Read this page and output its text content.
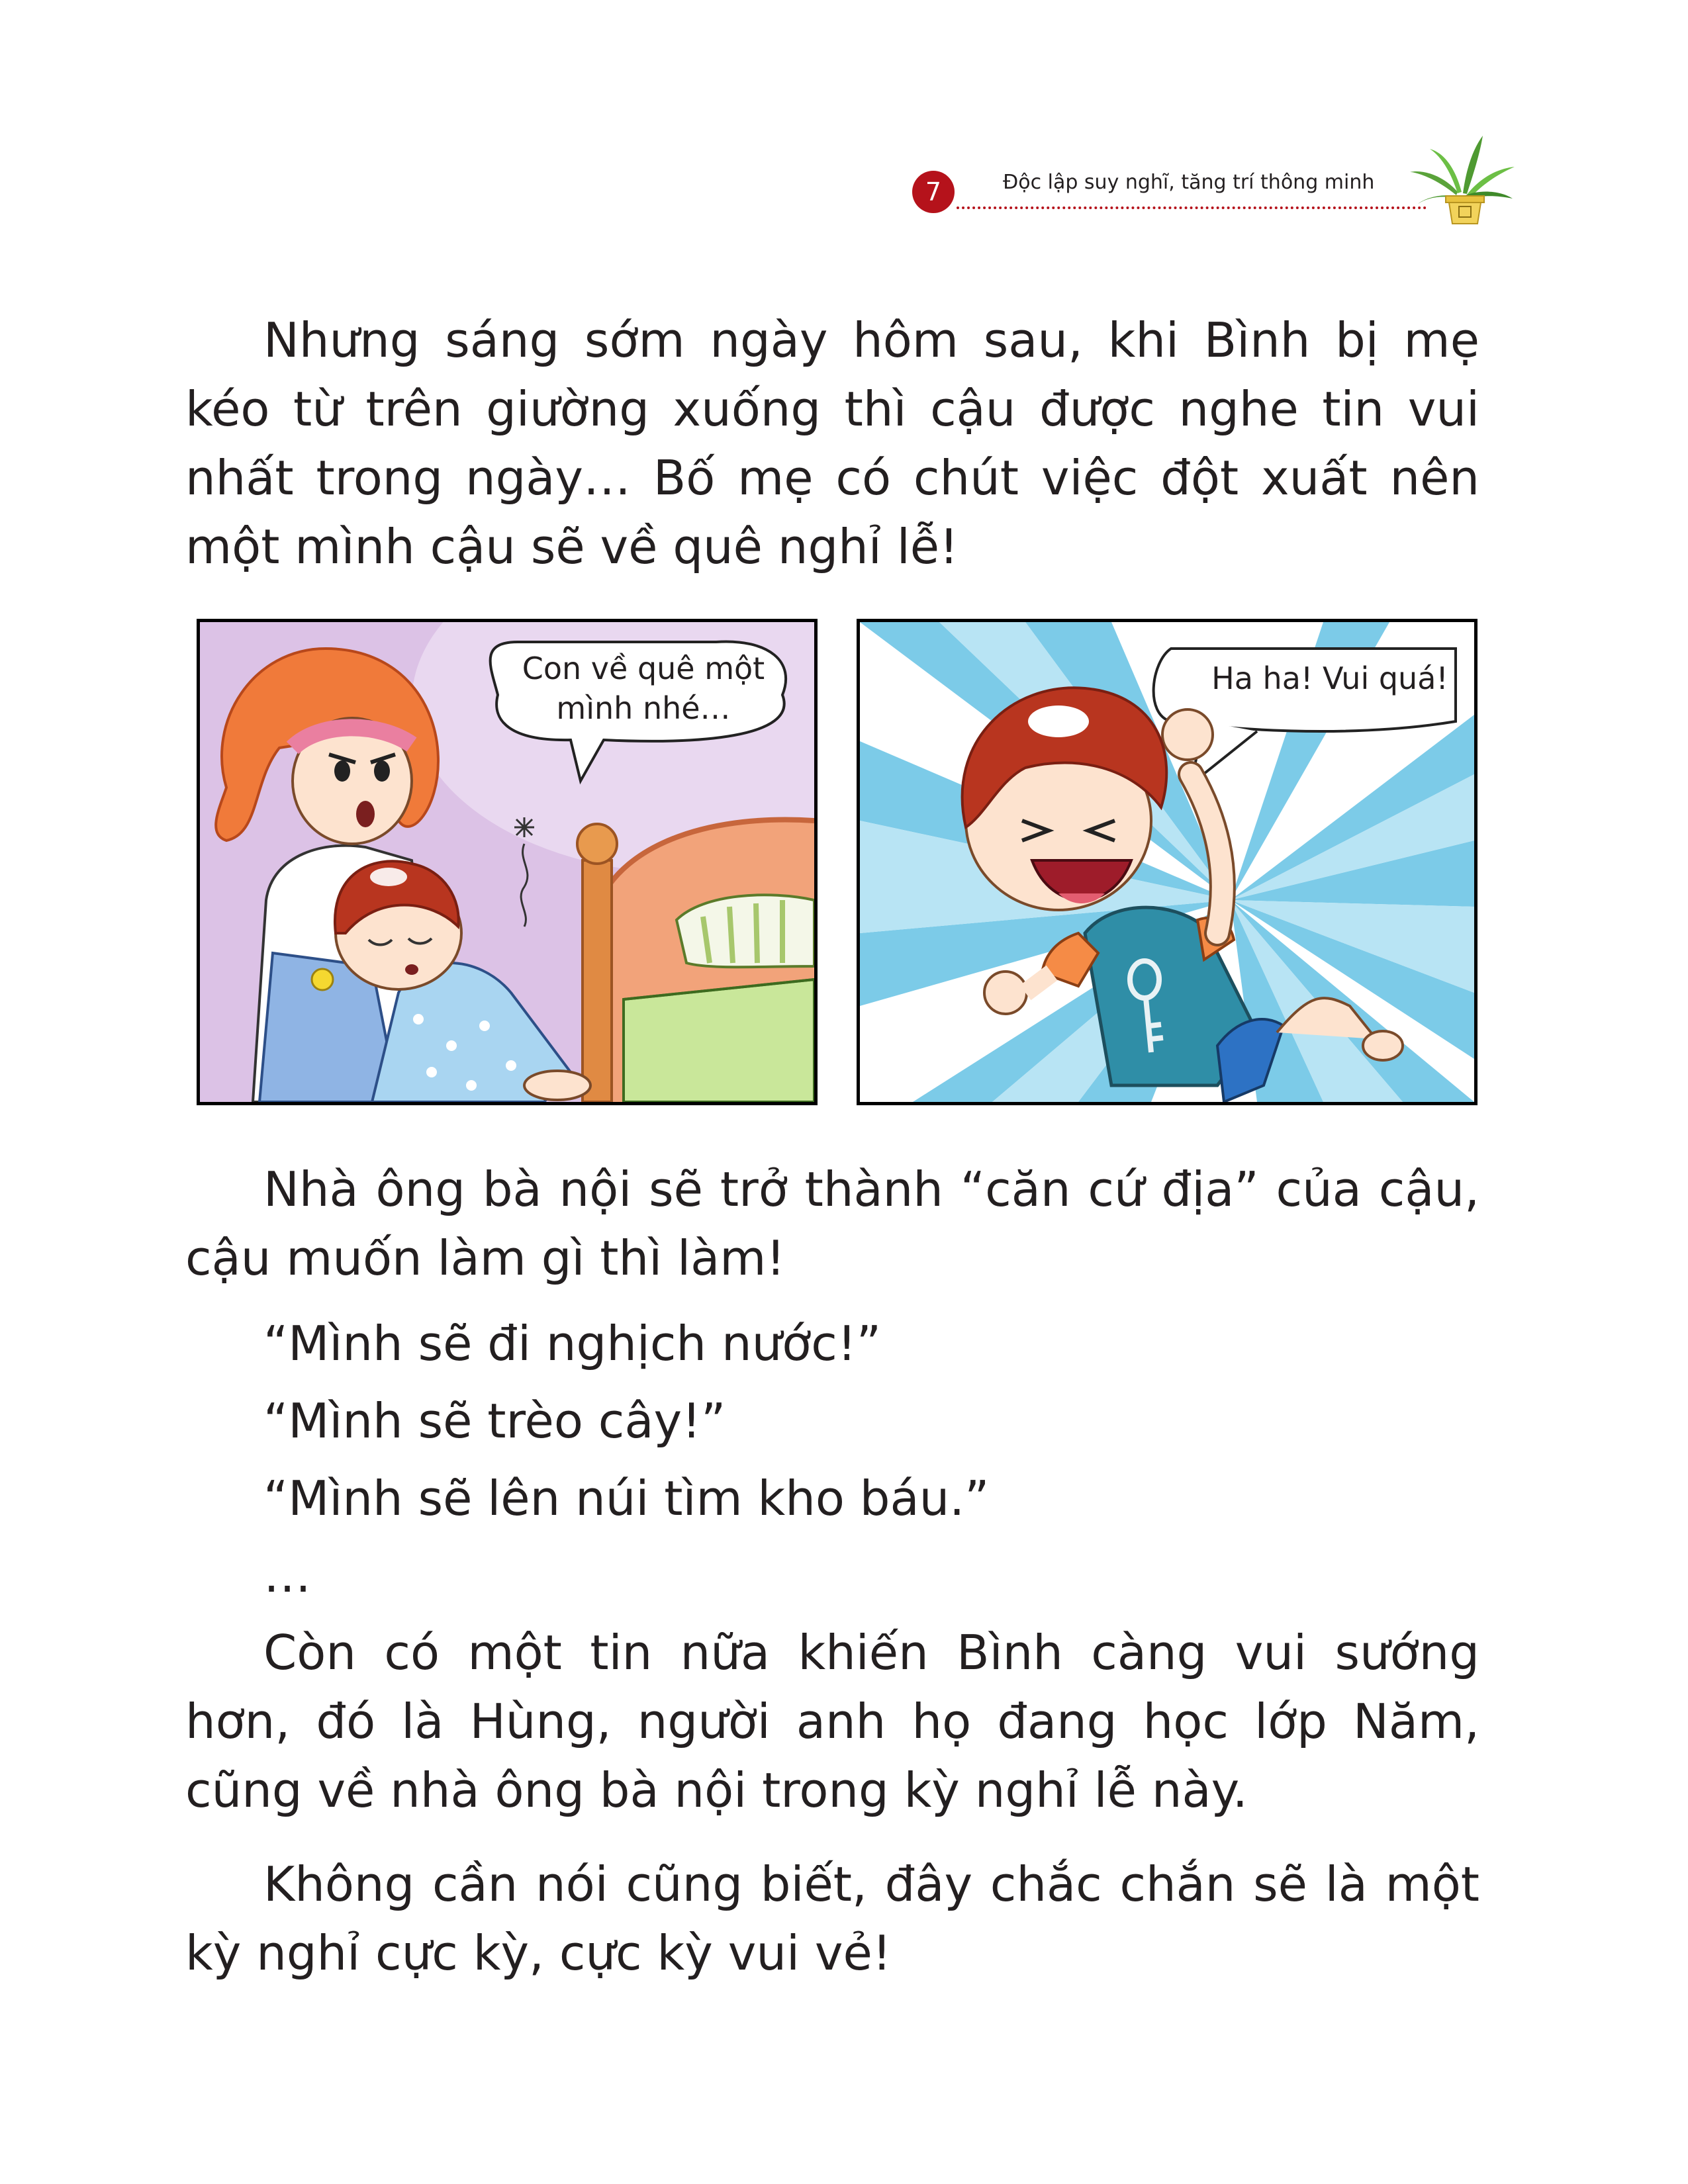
7	Độc lập suy nghĩ, tăng trí thông minh

Nhưng sáng sớm ngày hôm sau, khi Bình bị mẹ kéo từ trên giường xuống thì cậu được nghe tin vui nhất trong ngày… Bố mẹ có chút việc đột xuất nên một mình cậu sẽ về quê nghỉ lễ!

Con về quê một
mình nhé…
Ha ha! Vui quá!

Nhà ông bà nội sẽ trở thành “căn cứ địa” của cậu, cậu muốn làm gì thì làm!

“Mình sẽ đi nghịch nước!”

“Mình sẽ trèo cây!”

“Mình sẽ lên núi tìm kho báu.”

…

Còn có một tin nữa khiến Bình càng vui sướng hơn, đó là Hùng, người anh họ đang học lớp Năm, cũng về nhà ông bà nội trong kỳ nghỉ lễ này.

Không cần nói cũng biết, đây chắc chắn sẽ là một kỳ nghỉ cực kỳ, cực kỳ vui vẻ!
